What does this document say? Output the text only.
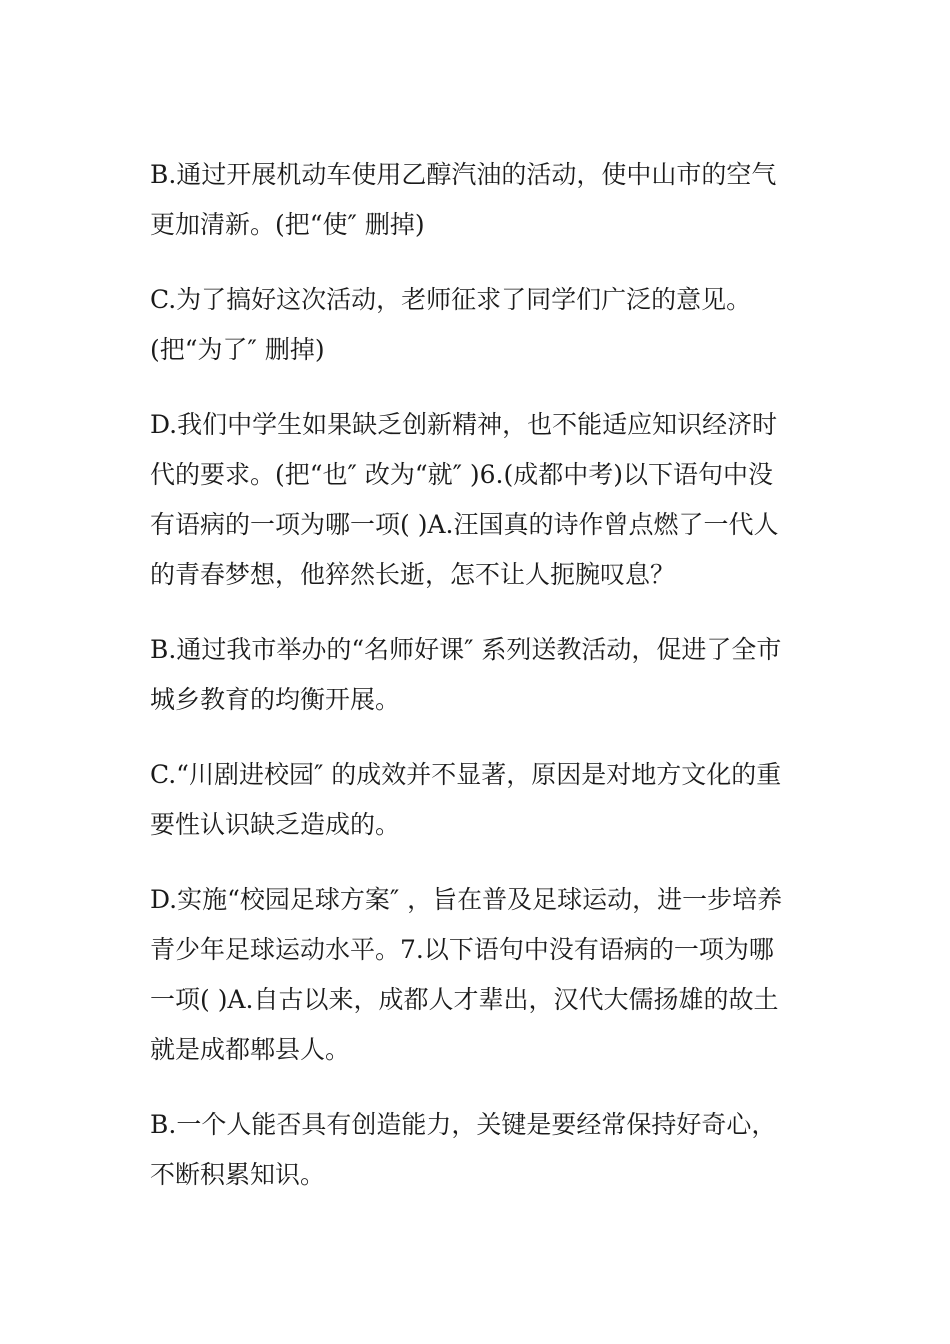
B.通过开展机动车使用乙醇汽油的活动，使中山市的空气
更加清新。(把“使″ 删掉)

C.为了搞好这次活动，老师征求了同学们广泛的意见。
(把“为了″ 删掉)

D.我们中学生如果缺乏创新精神，也不能适应知识经济时
代的要求。(把“也″ 改为“就″ )6.(成都中考)以下语句中没
有语病的一项为哪一项( )A.汪国真的诗作曾点燃了一代人
的青春梦想，他猝然长逝，怎不让人扼腕叹息？

B.通过我市举办的“名师好课″ 系列送教活动，促进了全市
城乡教育的均衡开展。

C.“川剧进校园″ 的成效并不显著，原因是对地方文化的重
要性认识缺乏造成的。

D.实施“校园足球方案″ ，旨在普及足球运动，进一步培养
青少年足球运动水平。7.以下语句中没有语病的一项为哪
一项( )A.自古以来，成都人才辈出，汉代大儒扬雄的故土
就是成都郫县人。

B.一个人能否具有创造能力，关键是要经常保持好奇心，
不断积累知识。
